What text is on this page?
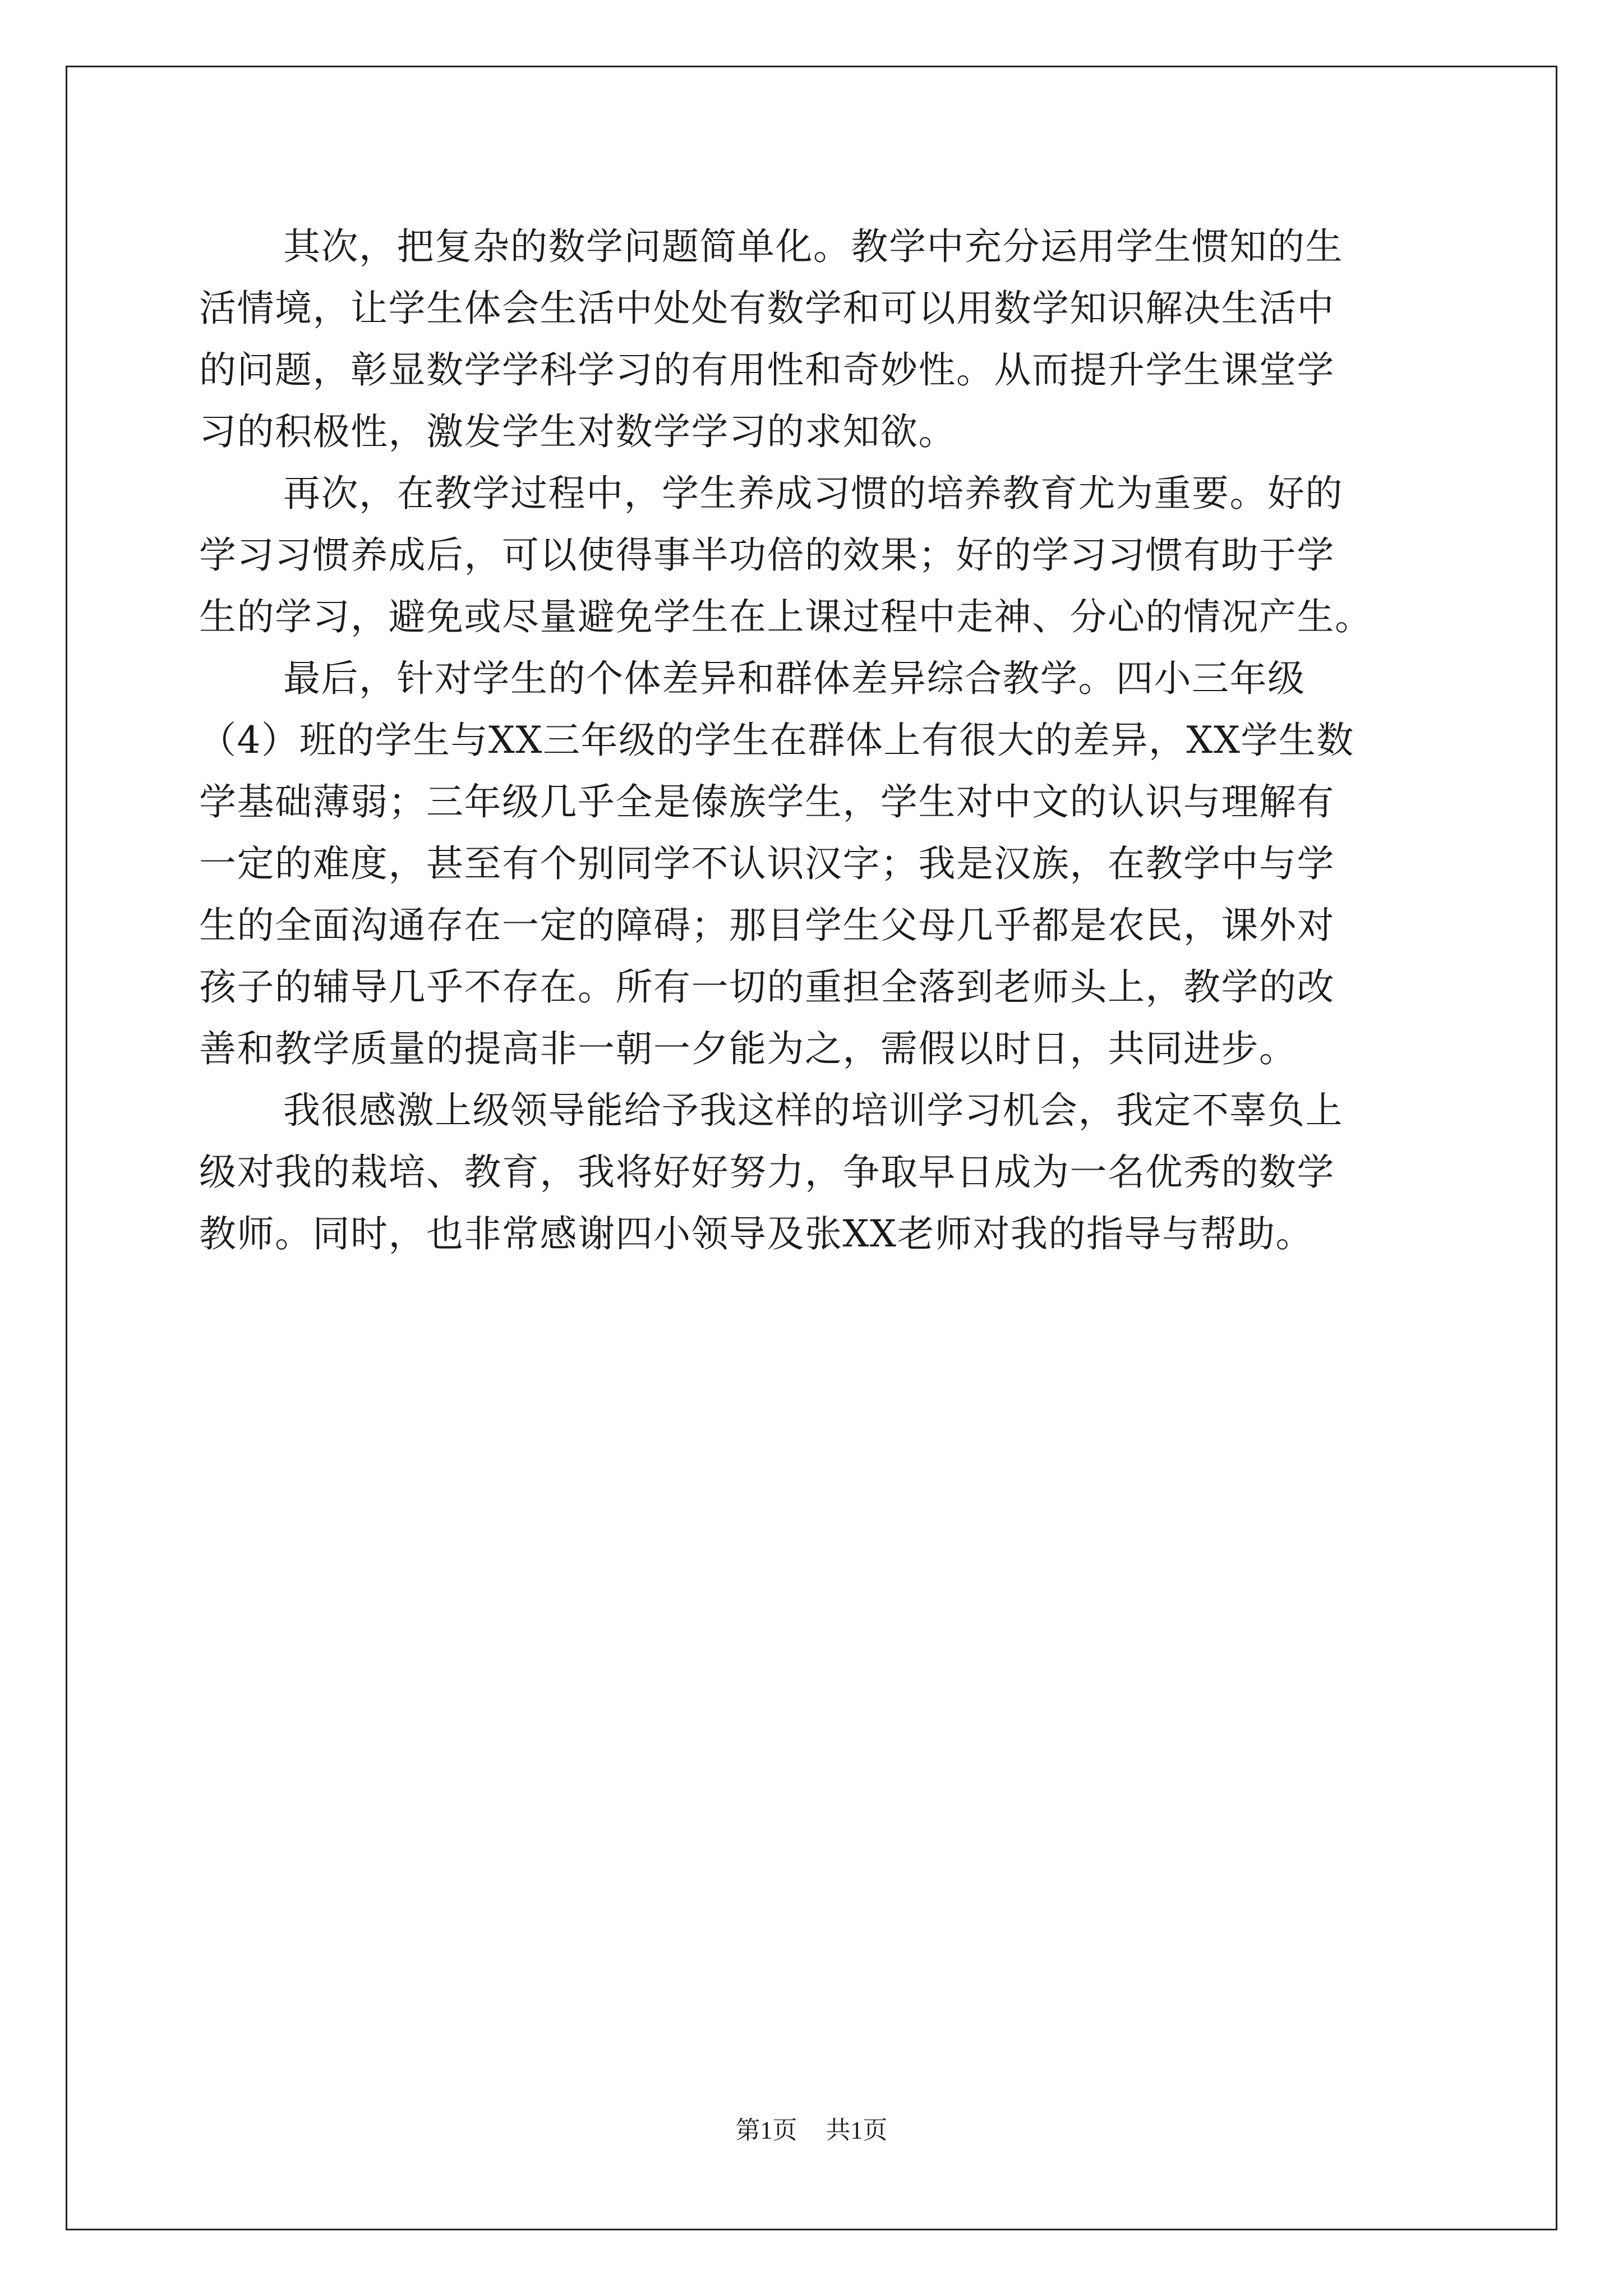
其次，把复杂的数学问题简单化。教学中充分运用学生惯知的生
活情境，让学生体会生活中处处有数学和可以用数学知识解决生活中
的问题，彰显数学学科学习的有用性和奇妙性。从而提升学生课堂学
习的积极性，激发学生对数学学习的求知欲。
再次，在教学过程中，学生养成习惯的培养教育尤为重要。好的
学习习惯养成后，可以使得事半功倍的效果；好的学习习惯有助于学
生的学习，避免或尽量避免学生在上课过程中走神、分心的情况产生。
最后，针对学生的个体差异和群体差异综合教学。四小三年级
（4）班的学生与XX三年级的学生在群体上有很大的差异，XX学生数
学基础薄弱；三年级几乎全是傣族学生，学生对中文的认识与理解有
一定的难度，甚至有个别同学不认识汉字；我是汉族，在教学中与学
生的全面沟通存在一定的障碍；那目学生父母几乎都是农民，课外对
孩子的辅导几乎不存在。所有一切的重担全落到老师头上，教学的改
善和教学质量的提高非一朝一夕能为之，需假以时日，共同进步。
我很感激上级领导能给予我这样的培训学习机会，我定不辜负上
级对我的栽培、教育，我将好好努力，争取早日成为一名优秀的数学
教师。同时，也非常感谢四小领导及张XX老师对我的指导与帮助。
第1页 共1页
